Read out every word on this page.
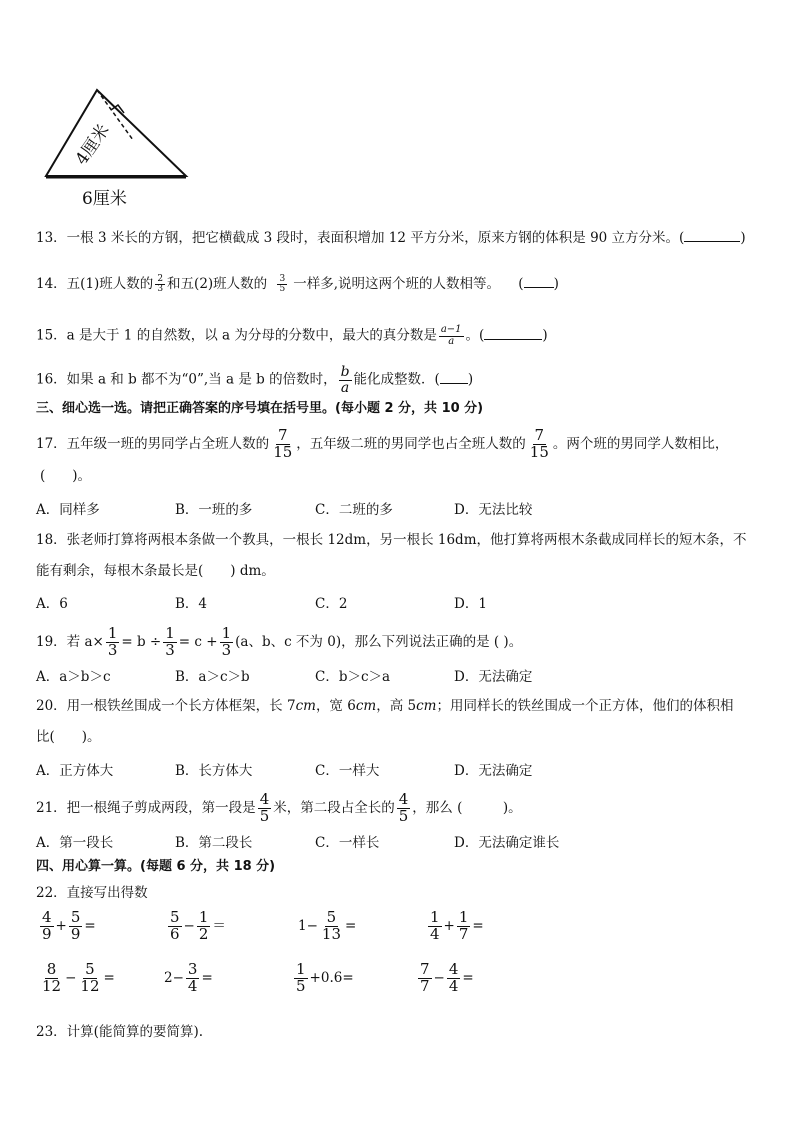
4厘米
6厘米
13．一根 3 米长的方钢，把它横截成 3 段时，表面积增加 12 平方分米，原来方钢的体积是 90 立方分米。(	)
14．五(1)班人数的 $\frac{2}{3}$ 和五(2)班人数的 $\frac{3}{5}$ 一样多,说明这两个班的人数相等。 ( )
15．a 是大于 1 的自然数，以 a 为分母的分数中，最大的真分数是 $\frac{a-1}{a}$ 。(	)
16．如果 a 和 b 都不为“0”,当 a 是 b 的倍数时， $\frac{b}{a}$ 能化成整数．( )
三、细心选一选。请把正确答案的序号填在括号里。(每小题 2 分，共 10 分)
17．五年级一班的男同学占全班人数的 $\frac{7}{15}$ ，五年级二班的男同学也占全班人数的 $\frac{7}{15}$ 。两个班的男同学人数相比，
(　　)。
A．同样多	B．一班的多	C．二班的多	D．无法比较
18．张老师打算将两根本条做一个教具，一根长 12dm，另一根长 16dm，他打算将两根木条截成同样长的短木条，不
能有剩余，每根木条最长是(　　) dm。
A．6	B．4	C．2	D．1
19．若 $a\times \frac{1}{3} = b \div \frac{1}{3} = c + \frac{1}{3} (a$、b、c 不为 0)，那么下列说法正确的是 ( )。
A．a＞b＞c	B．a＞c＞b	C．b＞c＞a	D．无法确定
20．用一根铁丝围成一个长方体框架，长 7cm，宽 6cm，高 5cm；用同样长的铁丝围成一个正方体，他们的体积相
比(　　)。
A．正方体大	B．长方体大	C．一样大	D．无法确定
21．把一根绳子剪成两段，第一段是 $\frac{4}{5}$ 米，第二段占全长的 $\frac{4}{5}$ ，那么 (　　　)。
A．第一段长	B．第二段长	C．一样长	D．无法确定谁长
四、用心算一算。(每题 6 分，共 18 分)
22．直接写出得数
$\frac{4}{9} + \frac{5}{9}$ =	$\frac{5}{6} - \frac{1}{2}$ ＝	$1- \frac{5}{13}$ =	$\frac{1}{4} + \frac{1}{7}$ =
$\frac{8}{12} - \frac{5}{12}$ =	$2- \frac{3}{4}$ =	$\frac{1}{5} +0.6=$	$\frac{7}{7} - \frac{4}{4}$ =
23．计算(能简算的要简算).
